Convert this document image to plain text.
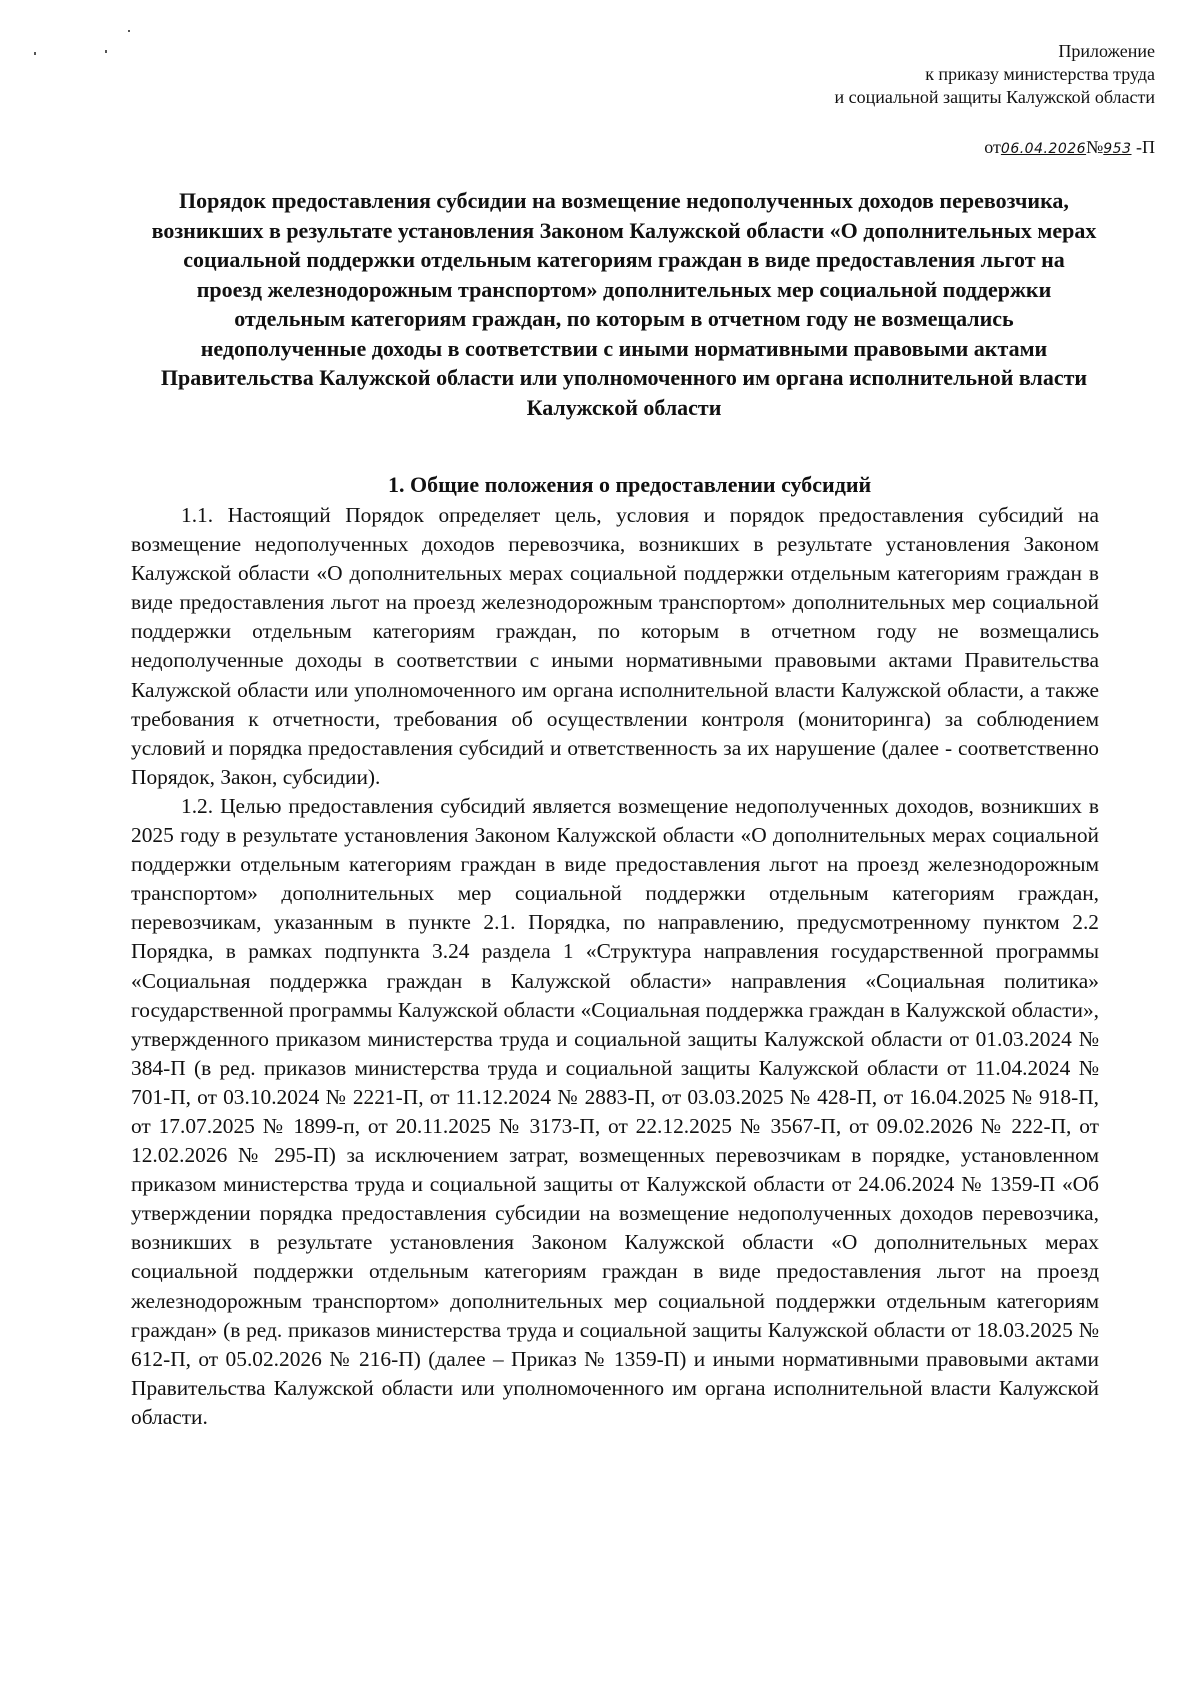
Приложение
к приказу министерства труда
и социальной защиты Калужской области
от06.04.2026№953 -П
Порядок предоставления субсидии на возмещение недополученных доходов перевозчика, возникших в результате установления Законом Калужской области «О дополнительных мерах социальной поддержки отдельным категориям граждан в виде предоставления льгот на проезд железнодорожным транспортом» дополнительных мер социальной поддержки отдельным категориям граждан, по которым в отчетном году не возмещались недополученные доходы в соответствии с иными нормативными правовыми актами Правительства Калужской области или уполномоченного им органа исполнительной власти Калужской области
1. Общие положения о предоставлении субсидий

1.1. Настоящий Порядок определяет цель, условия и порядок предоставления субсидий на возмещение недополученных доходов перевозчика, возникших в результате установления Законом Калужской области «О дополнительных мерах социальной поддержки отдельным категориям граждан в виде предоставления льгот на проезд железнодорожным транспортом» дополнительных мер социальной поддержки отдельным категориям граждан, по которым в отчетном году не возмещались недополученные доходы в соответствии с иными нормативными правовыми актами Правительства Калужской области или уполномоченного им органа исполнительной власти Калужской области, а также требования к отчетности, требования об осуществлении контроля (мониторинга) за соблюдением условий и порядка предоставления субсидий и ответственность за их нарушение (далее - соответственно Порядок, Закон, субсидии).

1.2. Целью предоставления субсидий является возмещение недополученных доходов, возникших в 2025 году в результате установления Законом Калужской области «О дополнительных мерах социальной поддержки отдельным категориям граждан в виде предоставления льгот на проезд железнодорожным транспортом» дополнительных мер социальной поддержки отдельным категориям граждан, перевозчикам, указанным в пункте 2.1. Порядка, по направлению, предусмотренному пунктом 2.2 Порядка, в рамках подпункта 3.24 раздела 1 «Структура направления государственной программы «Социальная поддержка граждан в Калужской области» направления «Социальная политика» государственной программы Калужской области «Социальная поддержка граждан в Калужской области», утвержденного приказом министерства труда и социальной защиты Калужской области от 01.03.2024 № 384-П (в ред. приказов министерства труда и социальной защиты Калужской области от 11.04.2024 № 701-П, от 03.10.2024 № 2221-П, от 11.12.2024 № 2883-П, от 03.03.2025 № 428-П, от 16.04.2025 № 918-П, от 17.07.2025 № 1899-п, от 20.11.2025 № 3173-П, от 22.12.2025 № 3567-П, от 09.02.2026 № 222-П, от 12.02.2026 № 295-П) за исключением затрат, возмещенных перевозчикам в порядке, установленном приказом министерства труда и социальной защиты от Калужской области от 24.06.2024 № 1359-П «Об утверждении порядка предоставления субсидии на возмещение недополученных доходов перевозчика, возникших в результате установления Законом Калужской области «О дополнительных мерах социальной поддержки отдельным категориям граждан в виде предоставления льгот на проезд железнодорожным транспортом» дополнительных мер социальной поддержки отдельным категориям граждан» (в ред. приказов министерства труда и социальной защиты Калужской области от 18.03.2025 № 612-П, от 05.02.2026 № 216-П) (далее – Приказ № 1359-П) и иными нормативными правовыми актами Правительства Калужской области или уполномоченного им органа исполнительной власти Калужской области.
